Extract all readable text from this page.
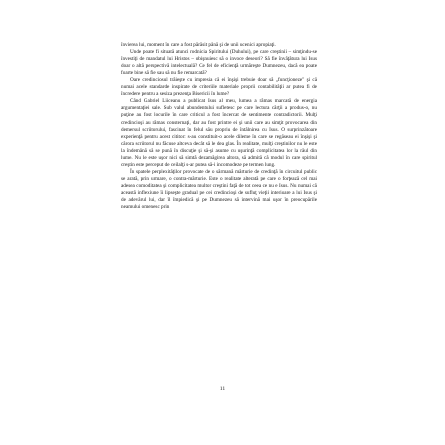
învierea lui, moment în care a fost părăsit până şi de unii ucenici apropiaţi.

Unde poate fi situată atunci rodnicia Spiritului (Duhului), pe care creştinii – simţindu-se învestiţi de mandatul lui Hristos – obişnuiesc să o invoce deseori? Să fie învăţătura lui Isus doar o altă perspectivă intelectuală? Ce fel de eficienţă urmăreşte Dumnezeu, dacă ea poate foarte bine să fie sau să nu fie remarcată?

Oare credinciosul trăieşte cu impresia că ei înşişi trebuie doar să „funcţioneze" şi că numai acele standarde inspirate de criteriile materiale proprii contabilităţii ar putea fi de încredere pentru a sesiza prezenţa Bisericii în lume?

Când Gabriel Liiceanu a publicat Isus al meu, lumea a rămas marcată de energia argumentaţiei sale. Sub valul abundentului sufletesc pe care lectura cărţii a produs-o, nu puţine au fost locurile în care criticul a fost încercat de sentimente contradictorii. Mulţi credincioşi au rămas consternaţi, dar au fost printre ei şi unii care au simţit provocarea din demersul scriitorului, fascinat în felul său propriu de întâlnirea cu Isus. O surprinzătoare experienţă pentru acest cititor: s-au constituit-o acele dileme în care se regăseau ei înşişi şi cărora scriitorul nu făcuse altceva decât să le dea glas. În realitate, mulţi creştinilor nu le este la îndemână să se pună în discuţie şi să-şi asume cu uşurinţă complicitatea lor la răul din lume. Nu le este uşor nici să simtă dezamăgirea altora, să admită că modul în care spiritul creştin este perceput de ceilalţi s-ar putea să-i incomodeze pe termen lung.

În spatele perplexităţilor provocate de o sărmană mărturie de credinţă în circuitul public se arată, prin urmare, o contra-mărturie. Este o realitate alterată pe care o forţează cel mai adesea comoditatea şi complicitatea multor creştini faţă de tot ceea ce nu e Isus. Nu numai că această inflexiune îi lipseşte gradual pe cei credincioşi de sufluţ vieţii interioare a lui Isus şi de adevărul lui, dar îl împiedică şi pe Dumnezeu să intervină mai uşor în preocupările neamului omenesc prin

11
